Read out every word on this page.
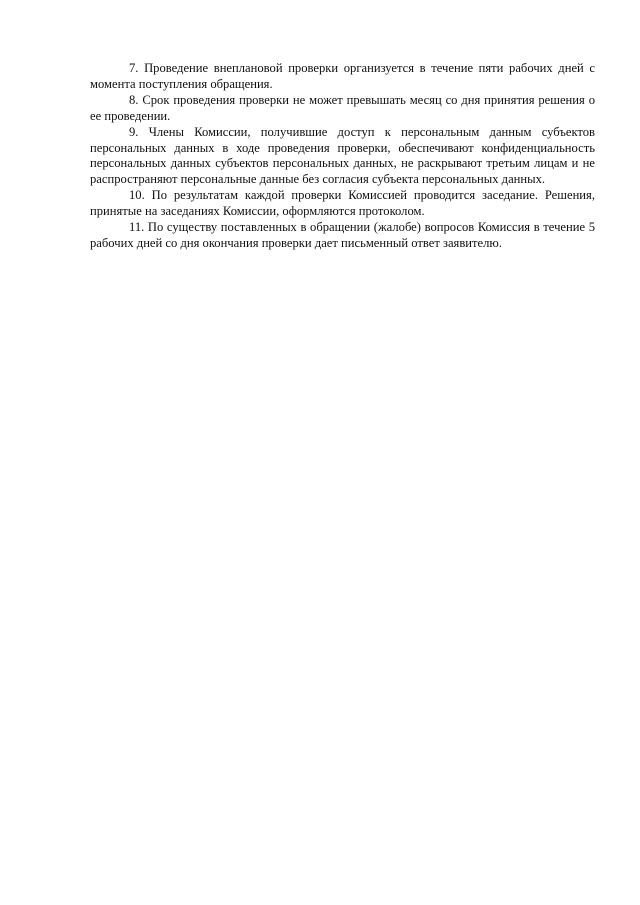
7. Проведение внеплановой проверки организуется в течение пяти рабочих дней с момента поступления обращения.

8. Срок проведения проверки не может превышать месяц со дня принятия решения о ее проведении.

9. Члены Комиссии, получившие доступ к персональным данным субъектов персональных данных в ходе проведения проверки, обеспечивают конфиденциальность персональных данных субъектов персональных данных, не раскрывают третьим лицам и не распространяют персональные данные без согласия субъекта персональных данных.

10. По результатам каждой проверки Комиссией проводится заседание. Решения, принятые на заседаниях Комиссии, оформляются протоколом.

11. По существу поставленных в обращении (жалобе) вопросов Комиссия в течение 5 рабочих дней со дня окончания проверки дает письменный ответ заявителю.
